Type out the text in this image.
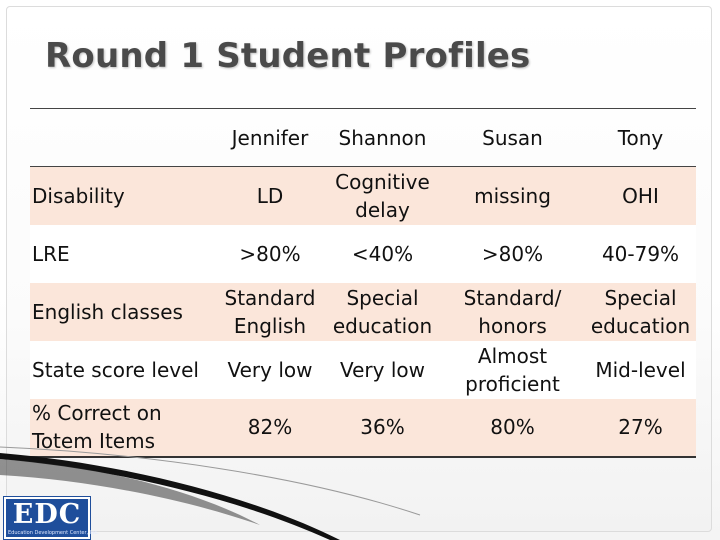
Round 1 Student Profiles
	Jennifer	Shannon	Susan	Tony
Disability	LD	Cognitive delay	missing	OHI
LRE	>80%	<40%	>80%	40-79%
English classes	Standard English	Special education	Standard/ honors	Special education
State score level	Very low	Very low	Almost proficient	Mid-level
% Correct on Totem Items	82%	36%	80%	27%
EDC
Education Development Center, Inc.
